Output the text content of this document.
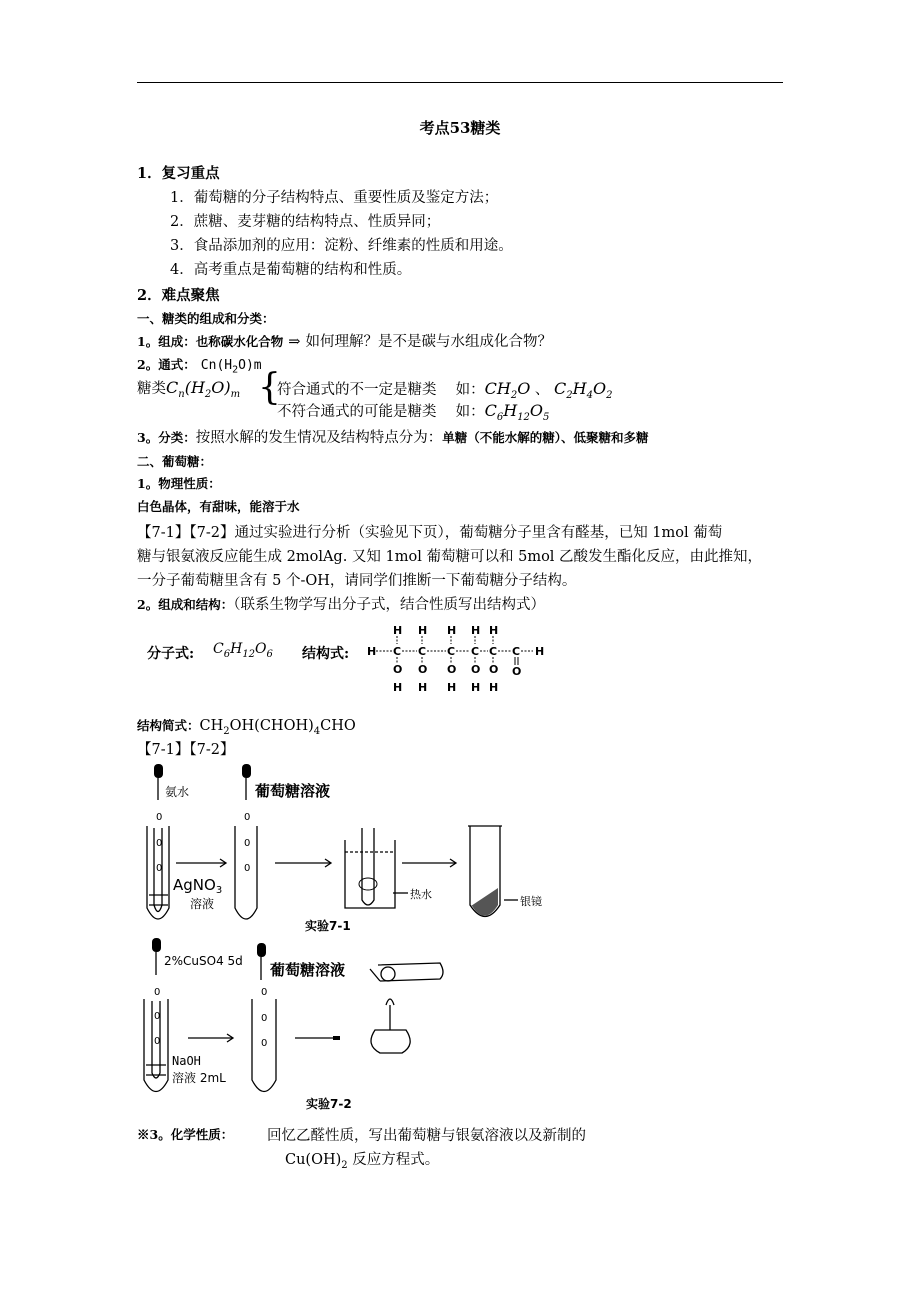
考点53糖类
1．复习重点
1．葡萄糖的分子结构特点、重要性质及鉴定方法；
2．蔗糖、麦芽糖的结构特点、性质异同；
3．食品添加剂的应用：淀粉、纤维素的性质和用途。
4．高考重点是葡萄糖的结构和性质。
2．难点聚焦
一、糖类的组成和分类：
1。组成：也称碳水化合物 ⇒ 如何理解？是不是碳与水组成化合物？
2。通式： $Cn(H_2O)m$
糖类$C_n(H_2O)_m$ {
符合通式的不一定是糖类　 如：$CH_2O$ 、 $C_2H_4O_2$
不符合通式的可能是糖类　 如：$C_6H_{12}O_5$
3。分类：按照水解的发生情况及结构特点分为：单糖（不能水解的糖）、低聚糖和多糖
二、葡萄糖：
1。物理性质：
白色晶体，有甜味，能溶于水
【7-1】【7-2】通过实验进行分析（实验见下页），葡萄糖分子里含有醛基，已知 1mol 葡萄
糖与银氨液反应能生成 2molAg. 又知 1mol 葡萄糖可以和 5mol 乙酸发生酯化反应，由此推知，
一分子葡萄糖里含有 5 个-OH，请同学们推断一下葡萄糖分子结构。
2。组成和结构：（联系生物学写出分子式，结合性质写出结构式）
分子式: $C_6H_{12}O_6$ 结构式: H
H
C
O
H
H
C
O
H
H
C
O
H
H
C
O
H
H
C
O
H
C
O
H
结构简式：$CH_2OH(CHOH)_4CHO$
【7-1】【7-2】
0
0
0
0
0
0
氨水	葡萄糖溶液
AgNO$_3$
溶液
热水
银镜
实验7-1
0
0
0
0
0
0
2%CuSO4 5d 葡萄糖溶液
NaOH
溶液 2mL
实验7-2
※3。化学性质： 回忆乙醛性质，写出葡萄糖与银氨溶液以及新制的
$Cu(OH)_2$ 反应方程式。
